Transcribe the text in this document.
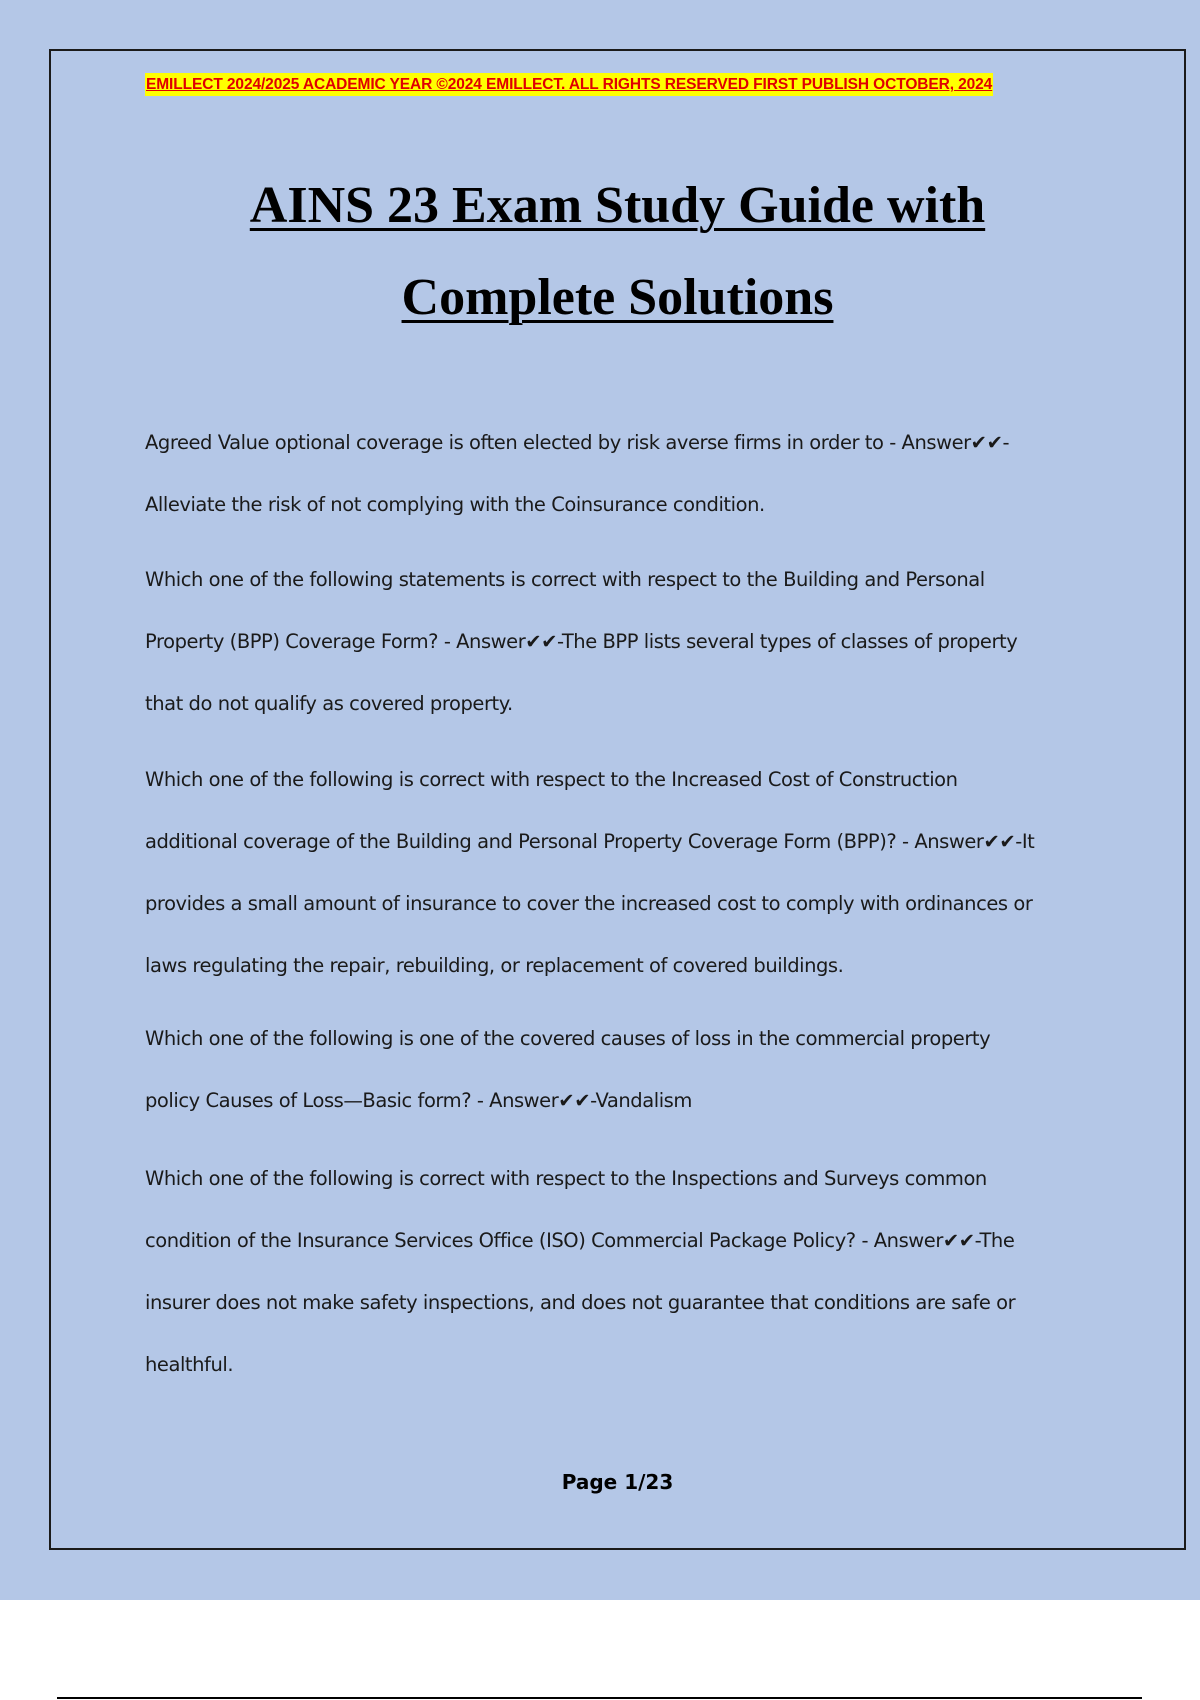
EMILLECT 2024/2025 ACADEMIC YEAR ©2024 EMILLECT. ALL RIGHTS RESERVED FIRST PUBLISH OCTOBER, 2024
AINS 23 Exam Study Guide with
Complete Solutions
Agreed Value optional coverage is often elected by risk averse firms in order to - Answer✔✔-
Alleviate the risk of not complying with the Coinsurance condition.
Which one of the following statements is correct with respect to the Building and Personal
Property (BPP) Coverage Form? - Answer✔✔-The BPP lists several types of classes of property
that do not qualify as covered property.
Which one of the following is correct with respect to the Increased Cost of Construction
additional coverage of the Building and Personal Property Coverage Form (BPP)? - Answer✔✔-It
provides a small amount of insurance to cover the increased cost to comply with ordinances or
laws regulating the repair, rebuilding, or replacement of covered buildings.
Which one of the following is one of the covered causes of loss in the commercial property
policy Causes of Loss—Basic form? - Answer✔✔-Vandalism
Which one of the following is correct with respect to the Inspections and Surveys common
condition of the Insurance Services Office (ISO) Commercial Package Policy? - Answer✔✔-The
insurer does not make safety inspections, and does not guarantee that conditions are safe or
healthful.
Page 1/23
